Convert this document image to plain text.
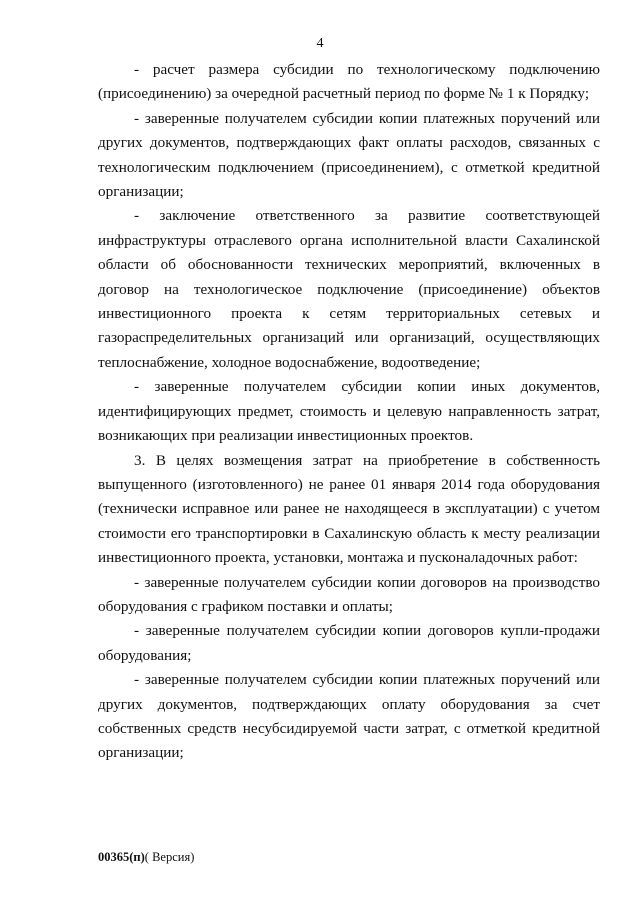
4

- расчет размера субсидии по технологическому подключению (присоединению) за очередной расчетный период по форме № 1 к Порядку;

- заверенные получателем субсидии копии платежных поручений или других документов, подтверждающих факт оплаты расходов, связанных с технологическим подключением (присоединением), с отметкой кредитной организации;

- заключение ответственного за развитие соответствующей инфраструктуры отраслевого органа исполнительной власти Сахалинской области об обоснованности технических мероприятий, включенных в договор на технологическое подключение (присоединение) объектов инвестиционного проекта к сетям территориальных сетевых и газораспределительных организаций или организаций, осуществляющих теплоснабжение, холодное водоснабжение, водоотведение;

- заверенные получателем субсидии копии иных документов, идентифицирующих предмет, стоимость и целевую направленность затрат, возникающих при реализации инвестиционных проектов.

3. В целях возмещения затрат на приобретение в собственность выпущенного (изготовленного) не ранее 01 января 2014 года оборудования (технически исправное или ранее не находящееся в эксплуатации) с учетом стоимости его транспортировки в Сахалинскую область к месту реализации инвестиционного проекта, установки, монтажа и пусконаладочных работ:

- заверенные получателем субсидии копии договоров на производство оборудования с графиком поставки и оплаты;

- заверенные получателем субсидии копии договоров купли-продажи оборудования;

- заверенные получателем субсидии копии платежных поручений или других документов, подтверждающих оплату оборудования за счет собственных средств несубсидируемой части затрат, с отметкой кредитной организации;

00365(п)( Версия)
